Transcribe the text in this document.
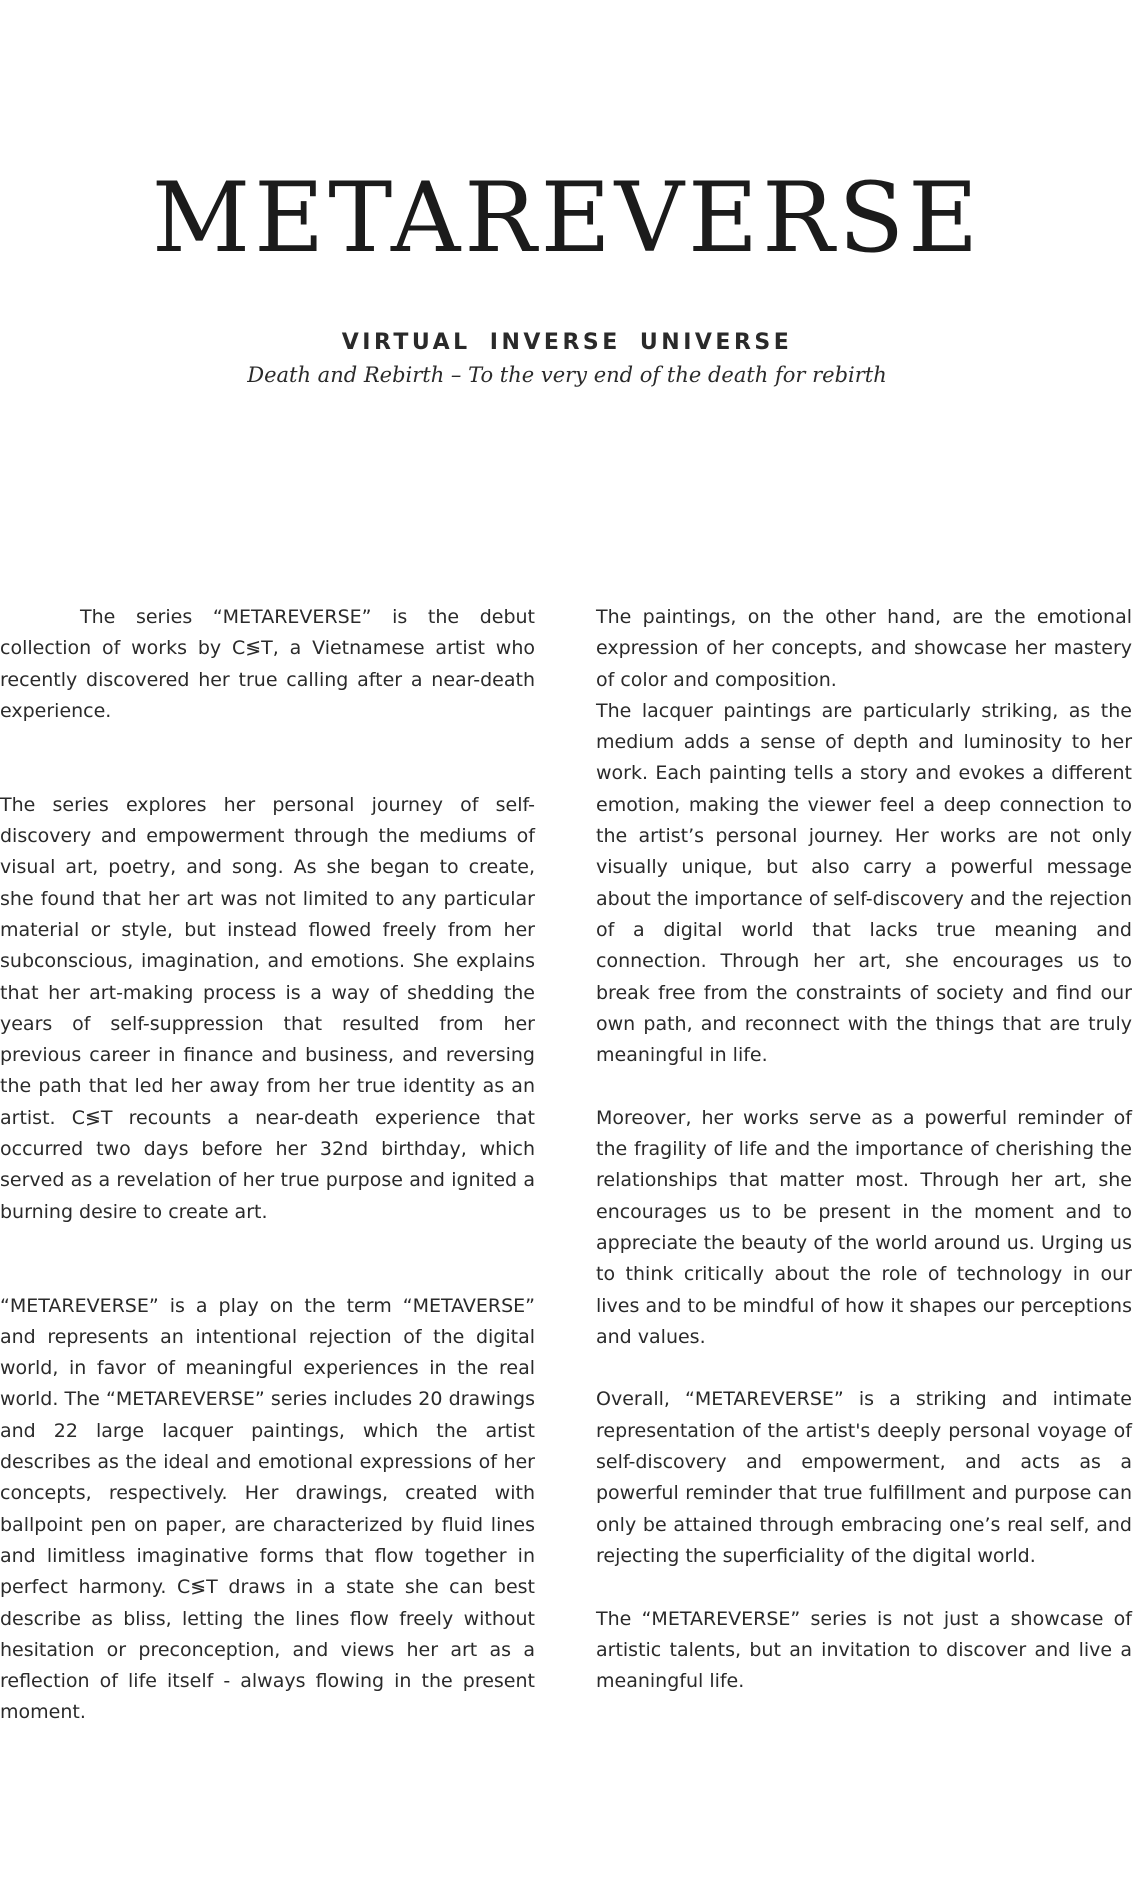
METAREVERSE
VIRTUAL INVERSE UNIVERSE

Death and Rebirth – To the very end of the death for rebirth

The series “METAREVERSE” is the debut collection of works by C≶T, a Vietnamese artist who recently discovered her true calling after a near-death experience.

The series explores her personal journey of self-discovery and empowerment through the mediums of visual art, poetry, and song. As she began to create, she found that her art was not limited to any particular material or style, but instead flowed freely from her subconscious, imagination, and emotions. She explains that her art-making process is a way of shedding the years of self-suppression that resulted from her previous career in finance and business, and reversing the path that led her away from her true identity as an artist. C≶T recounts a near-death experience that occurred two days before her 32nd birthday, which served as a revelation of her true purpose and ignited a burning desire to create art.

“METAREVERSE” is a play on the term “METAVERSE” and represents an intentional rejection of the digital world, in favor of meaningful experiences in the real world. The “METAREVERSE” series includes 20 drawings and 22 large lacquer paintings, which the artist describes as the ideal and emotional expressions of her concepts, respectively. Her drawings, created with ballpoint pen on paper, are characterized by fluid lines and limitless imaginative forms that flow together in perfect harmony. C≶T draws in a state she can best describe as bliss, letting the lines flow freely without hesitation or preconception, and views her art as a reflection of life itself - always flowing in the present moment.

The paintings, on the other hand, are the emotional expression of her concepts, and showcase her mastery of color and composition.

The lacquer paintings are particularly striking, as the medium adds a sense of depth and luminosity to her work. Each painting tells a story and evokes a different emotion, making the viewer feel a deep connection to the artist’s personal journey. Her works are not only visually unique, but also carry a powerful message about the importance of self-discovery and the rejection of a digital world that lacks true meaning and connection. Through her art, she encourages us to break free from the constraints of society and find our own path, and reconnect with the things that are truly meaningful in life.

Moreover, her works serve as a powerful reminder of the fragility of life and the importance of cherishing the relationships that matter most. Through her art, she encourages us to be present in the moment and to appreciate the beauty of the world around us. Urging us to think critically about the role of technology in our lives and to be mindful of how it shapes our perceptions and values.

Overall, “METAREVERSE” is a striking and intimate representation of the artist's deeply personal voyage of self-discovery and empowerment, and acts as a powerful reminder that true fulfillment and purpose can only be attained through embracing one’s real self, and rejecting the superficiality of the digital world.

The “METAREVERSE” series is not just a showcase of artistic talents, but an invitation to discover and live a meaningful life.
